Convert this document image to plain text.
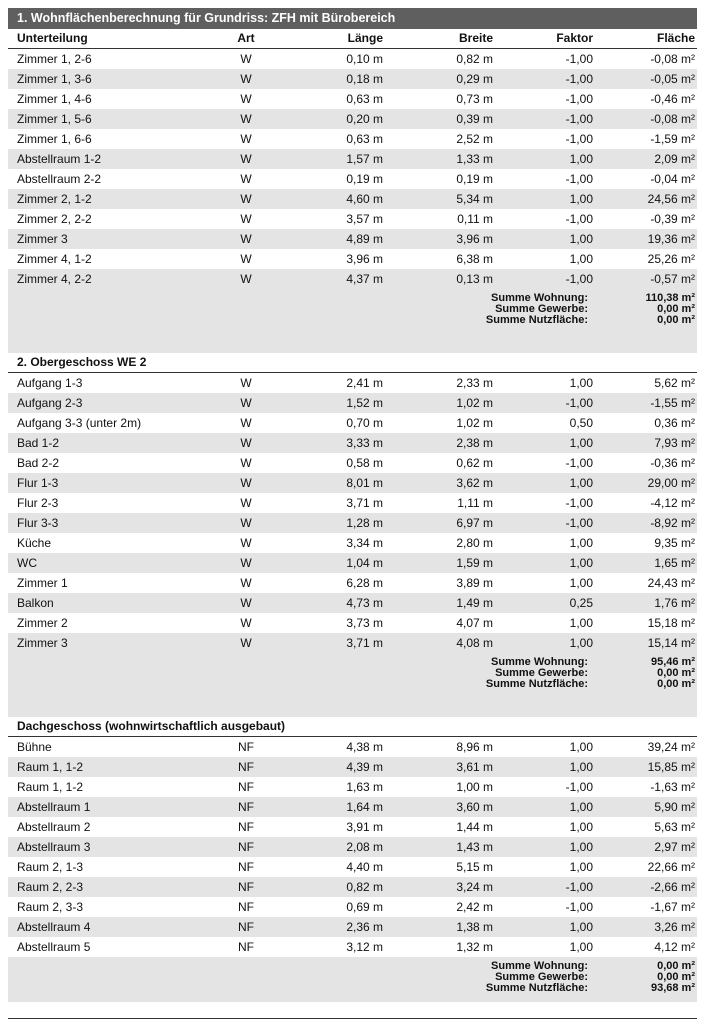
1. Wohnflächenberechnung für Grundriss: ZFH mit Bürobereich
Unterteilung	Art	Länge	Breite	Faktor	Fläche
Zimmer 1, 2-6	W	0,10 m	0,82 m	-1,00	-0,08 m²
Zimmer 1, 3-6	W	0,18 m	0,29 m	-1,00	-0,05 m²
Zimmer 1, 4-6	W	0,63 m	0,73 m	-1,00	-0,46 m²
Zimmer 1, 5-6	W	0,20 m	0,39 m	-1,00	-0,08 m²
Zimmer 1, 6-6	W	0,63 m	2,52 m	-1,00	-1,59 m²
Abstellraum 1-2	W	1,57 m	1,33 m	1,00	2,09 m²
Abstellraum 2-2	W	0,19 m	0,19 m	-1,00	-0,04 m²
Zimmer 2, 1-2	W	4,60 m	5,34 m	1,00	24,56 m²
Zimmer 2, 2-2	W	3,57 m	0,11 m	-1,00	-0,39 m²
Zimmer 3	W	4,89 m	3,96 m	1,00	19,36 m²
Zimmer 4, 1-2	W	3,96 m	6,38 m	1,00	25,26 m²
Zimmer 4, 2-2	W	4,37 m	0,13 m	-1,00	-0,57 m²
Summe Wohnung:	110,38 m²
Summe Gewerbe:	0,00 m²
Summe Nutzfläche:	0,00 m²
2. Obergeschoss WE 2
Aufgang 1-3	W	2,41 m	2,33 m	1,00	5,62 m²
Aufgang 2-3	W	1,52 m	1,02 m	-1,00	-1,55 m²
Aufgang 3-3 (unter 2m)	W	0,70 m	1,02 m	0,50	0,36 m²
Bad 1-2	W	3,33 m	2,38 m	1,00	7,93 m²
Bad 2-2	W	0,58 m	0,62 m	-1,00	-0,36 m²
Flur 1-3	W	8,01 m	3,62 m	1,00	29,00 m²
Flur 2-3	W	3,71 m	1,11 m	-1,00	-4,12 m²
Flur 3-3	W	1,28 m	6,97 m	-1,00	-8,92 m²
Küche	W	3,34 m	2,80 m	1,00	9,35 m²
WC	W	1,04 m	1,59 m	1,00	1,65 m²
Zimmer 1	W	6,28 m	3,89 m	1,00	24,43 m²
Balkon	W	4,73 m	1,49 m	0,25	1,76 m²
Zimmer 2	W	3,73 m	4,07 m	1,00	15,18 m²
Zimmer 3	W	3,71 m	4,08 m	1,00	15,14 m²
Summe Wohnung:	95,46 m²
Summe Gewerbe:	0,00 m²
Summe Nutzfläche:	0,00 m²
Dachgeschoss (wohnwirtschaftlich ausgebaut)
Bühne	NF	4,38 m	8,96 m	1,00	39,24 m²
Raum 1, 1-2	NF	4,39 m	3,61 m	1,00	15,85 m²
Raum 1, 1-2	NF	1,63 m	1,00 m	-1,00	-1,63 m²
Abstellraum 1	NF	1,64 m	3,60 m	1,00	5,90 m²
Abstellraum 2	NF	3,91 m	1,44 m	1,00	5,63 m²
Abstellraum 3	NF	2,08 m	1,43 m	1,00	2,97 m²
Raum 2, 1-3	NF	4,40 m	5,15 m	1,00	22,66 m²
Raum 2, 2-3	NF	0,82 m	3,24 m	-1,00	-2,66 m²
Raum 2, 3-3	NF	0,69 m	2,42 m	-1,00	-1,67 m²
Abstellraum 4	NF	2,36 m	1,38 m	1,00	3,26 m²
Abstellraum 5	NF	3,12 m	1,32 m	1,00	4,12 m²
Summe Wohnung:	0,00 m²
Summe Gewerbe:	0,00 m²
Summe Nutzfläche:	93,68 m²
